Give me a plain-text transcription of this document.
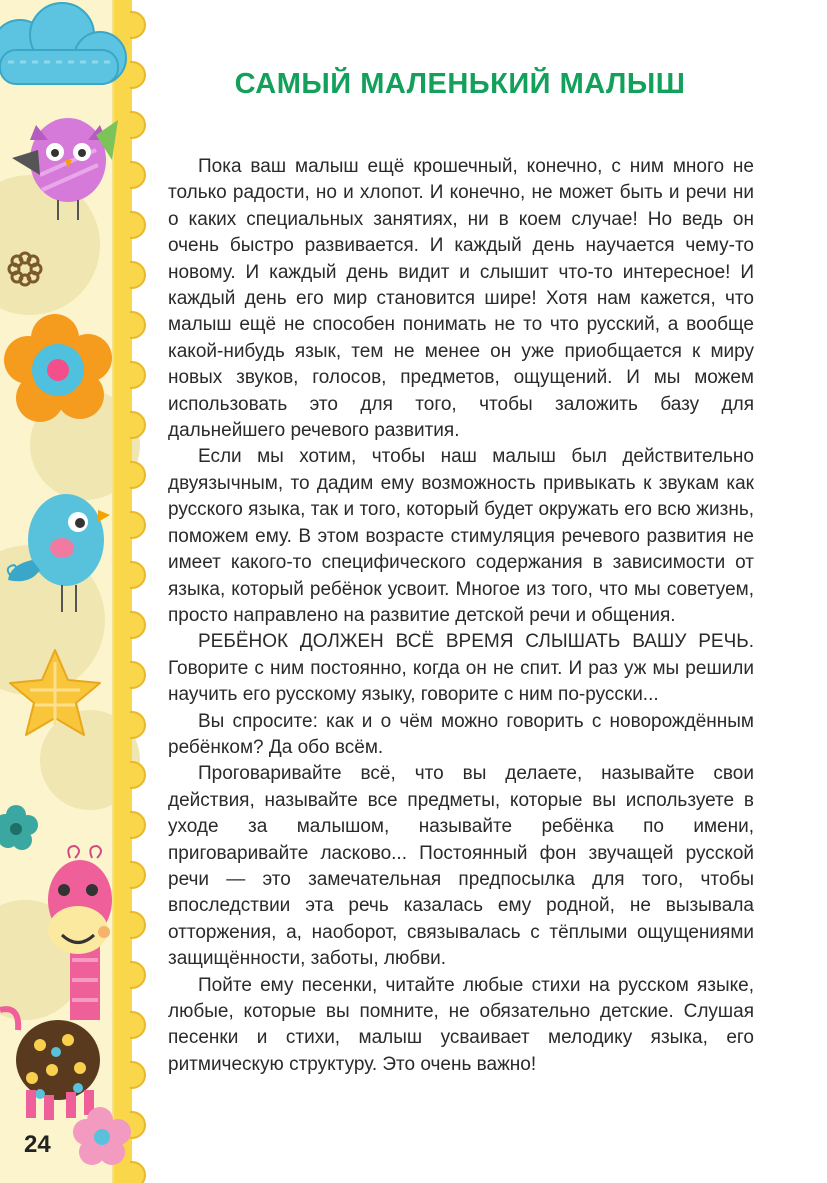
24
САМЫЙ МАЛЕНЬКИЙ МАЛЫШ

Пока ваш малыш ещё крошечный, конечно, с ним много не только радости, но и хлопот. И конечно, не может быть и речи ни о каких специальных занятиях, ни в коем случае! Но ведь он очень быстро развивается. И каждый день научается чему-то новому. И каждый день видит и слышит что-то интересное! И каждый день его мир становится шире! Хотя нам кажется, что малыш ещё не способен понимать не то что русский, а вообще какой-нибудь язык, тем не менее он уже приобщается к миру новых звуков, голосов, предметов, ощущений. И мы можем использовать это для того, чтобы заложить базу для дальнейшего речевого развития.

Если мы хотим, чтобы наш малыш был действительно двуязычным, то дадим ему возможность привыкать к звукам как русского языка, так и того, который будет окружать его всю жизнь, поможем ему. В этом возрасте стимуляция речевого развития не имеет какого-то специфического содержания в зависимости от языка, который ребёнок усвоит. Многое из того, что мы советуем, просто направлено на развитие детской речи и общения.

РЕБЁНОК ДОЛЖЕН ВСЁ ВРЕМЯ СЛЫШАТЬ ВАШУ РЕЧЬ. Говорите с ним постоянно, когда он не спит. И раз уж мы решили научить его русскому языку, говорите с ним по-русски...

Вы спросите: как и о чём можно говорить с новорождённым ребёнком? Да обо всём.

Проговаривайте всё, что вы делаете, называйте свои действия, называйте все предметы, которые вы используете в уходе за малышом, называйте ребёнка по имени, приговаривайте ласково... Постоянный фон звучащей русской речи — это замечательная предпосылка для того, чтобы впоследствии эта речь казалась ему родной, не вызывала отторжения, а, наоборот, связывалась с тёплыми ощущениями защищённости, заботы, любви.

Пойте ему песенки, читайте любые стихи на русском языке, любые, которые вы помните, не обязательно детские. Слушая песенки и стихи, малыш усваивает мелодику языка, его ритмическую структуру. Это очень важно!
